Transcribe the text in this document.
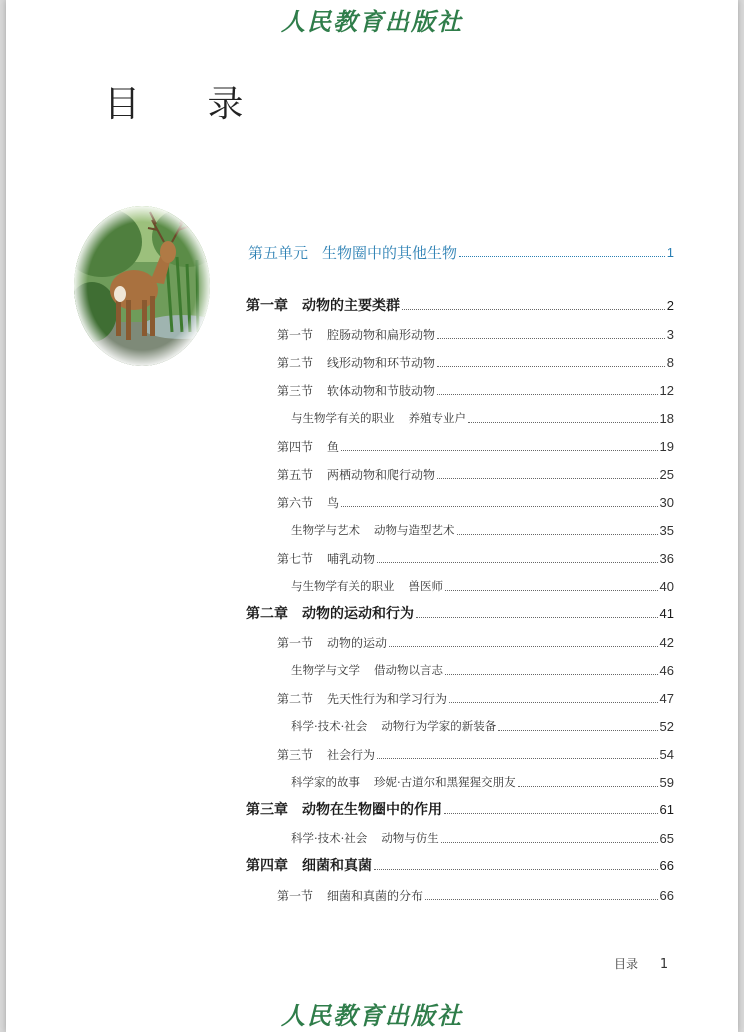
人民教育出版社
目 录
第五单元 生物圈中的其他生物	1
第一章 动物的主要类群	2
第一节 腔肠动物和扁形动物	3
第二节 线形动物和环节动物	8
第三节 软体动物和节肢动物	12
与生物学有关的职业 养殖专业户	18
第四节 鱼	19
第五节 两栖动物和爬行动物	25
第六节 鸟	30
生物学与艺术 动物与造型艺术	35
第七节 哺乳动物	36
与生物学有关的职业 兽医师	40
第二章 动物的运动和行为	41
第一节 动物的运动	42
生物学与文学 借动物以言志	46
第二节 先天性行为和学习行为	47
科学·技术·社会 动物行为学家的新装备	52
第三节 社会行为	54
科学家的故事 珍妮·古道尔和黑猩猩交朋友	59
第三章 动物在生物圈中的作用	61
科学·技术·社会 动物与仿生	65
第四章 细菌和真菌	66
第一节 细菌和真菌的分布	66
目录 1
人民教育出版社
